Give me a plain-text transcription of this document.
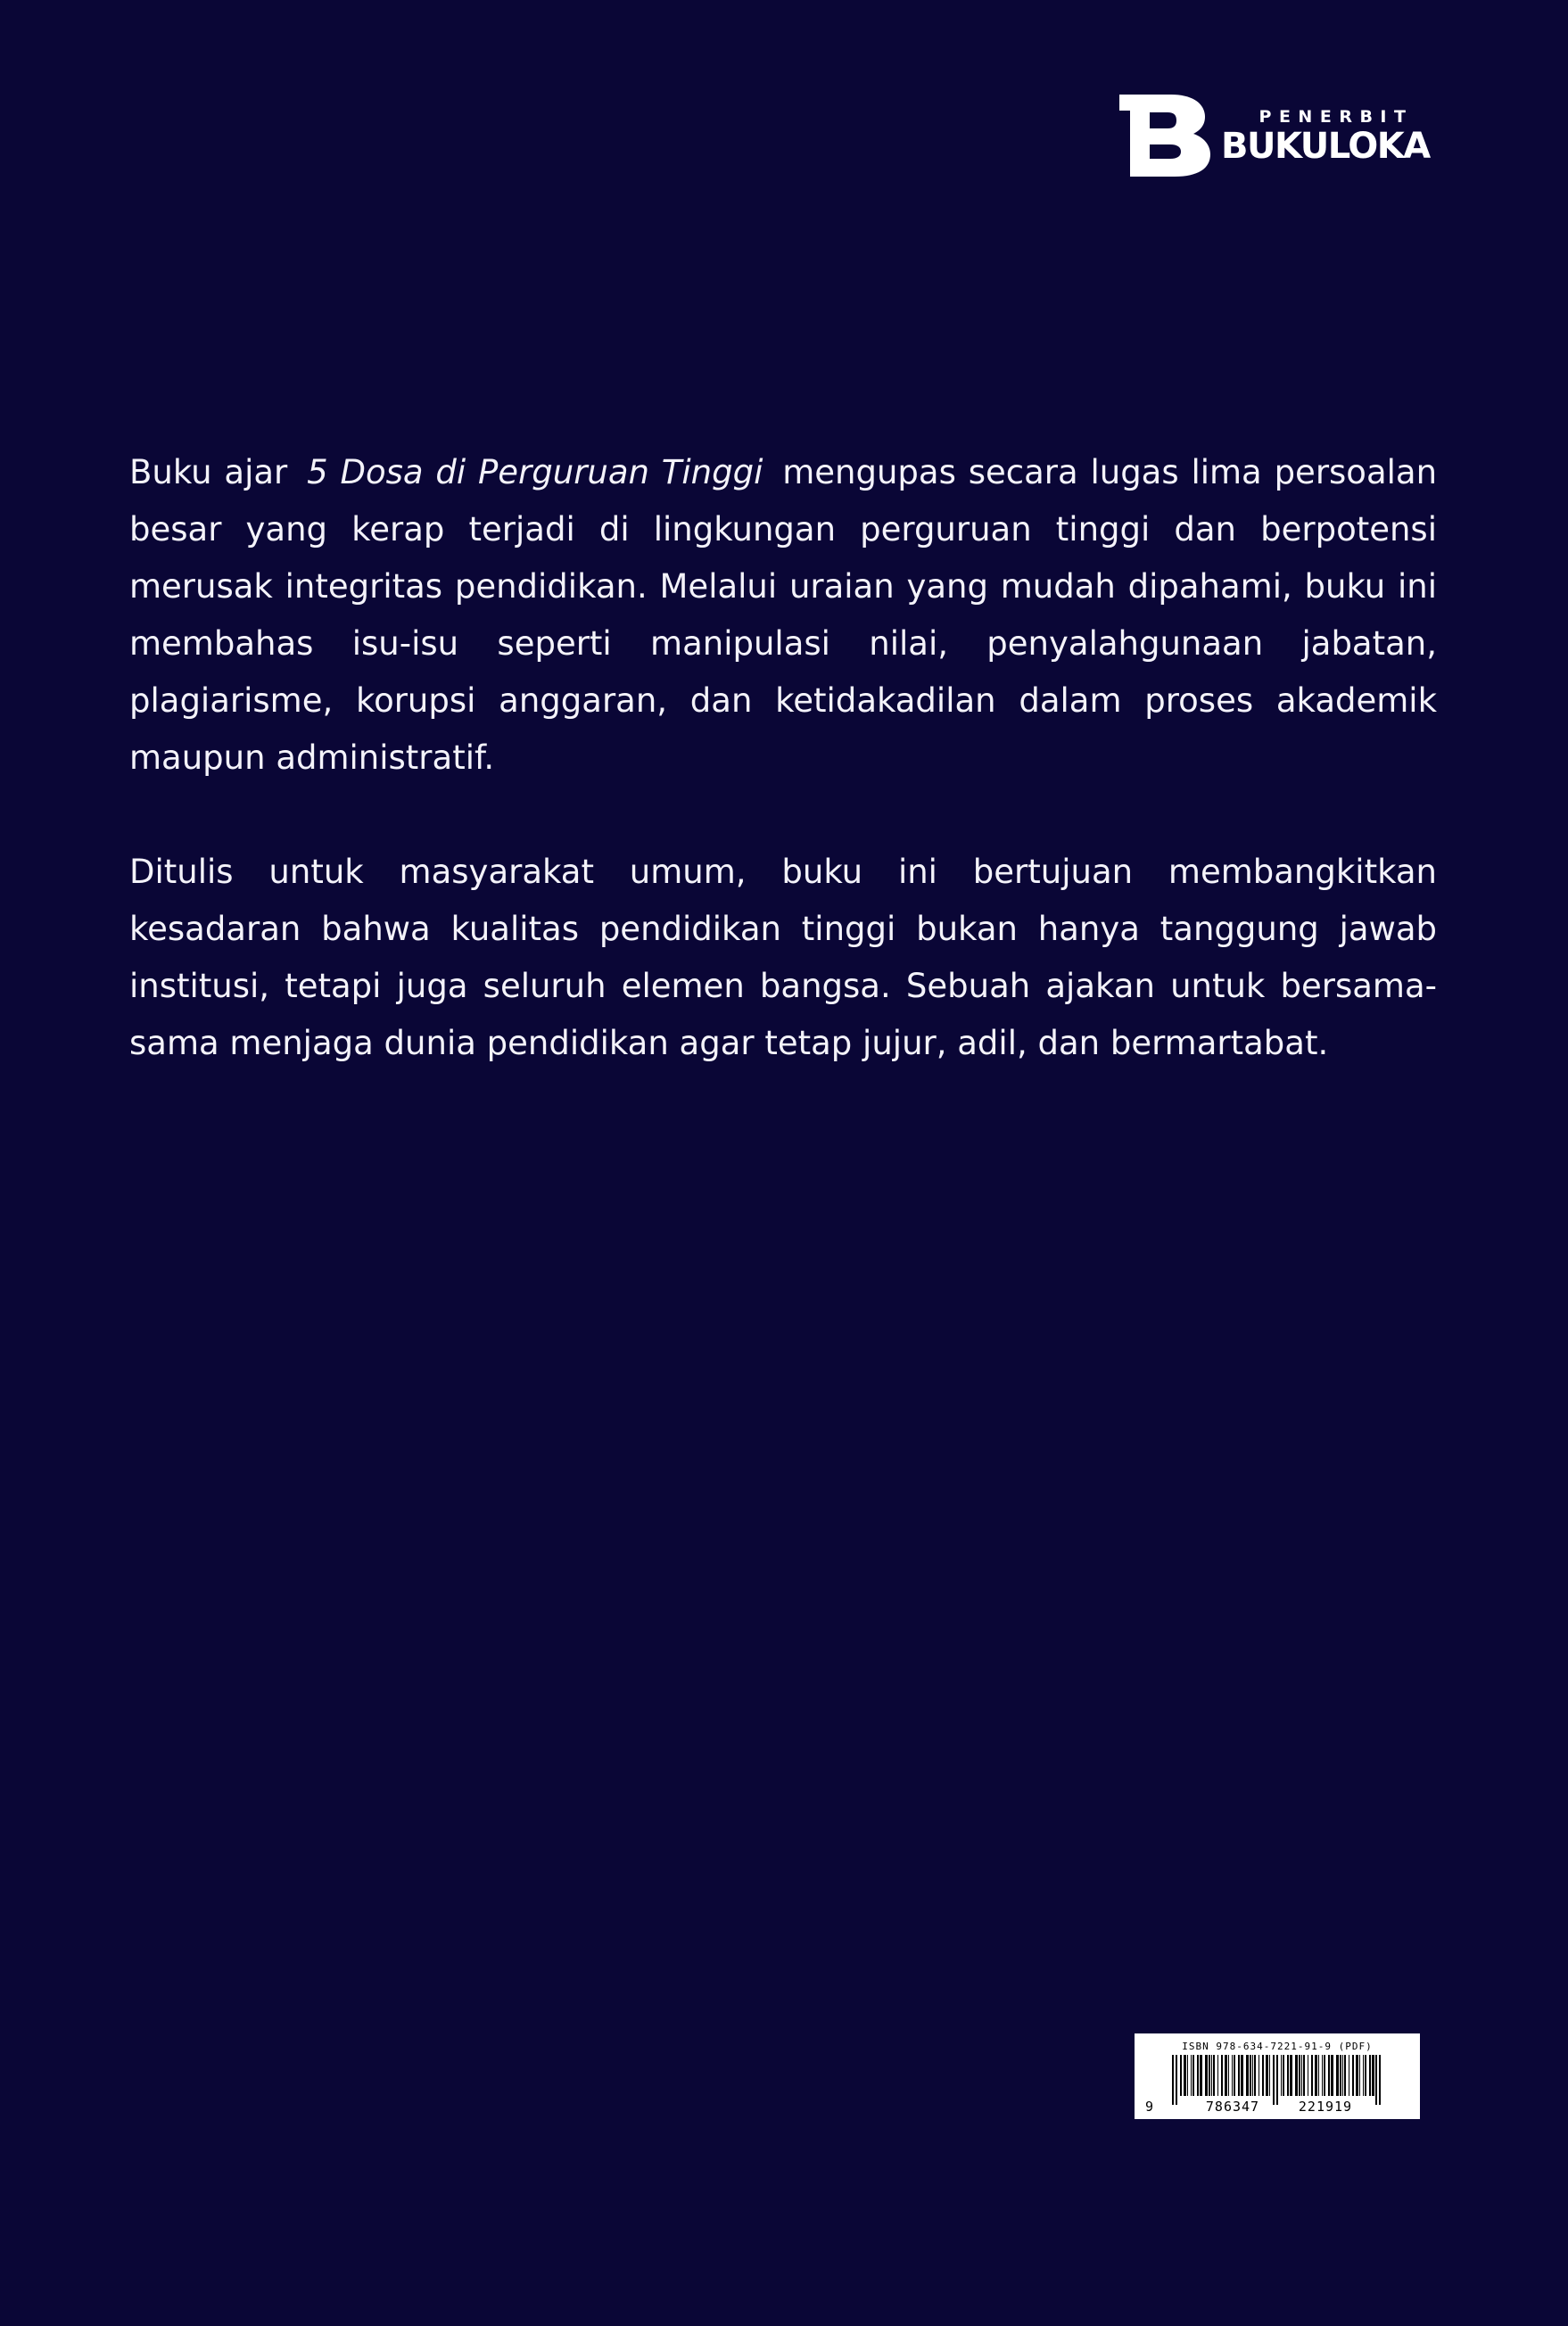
PENERBIT
BUKULOKA

Buku ajar 5 Dosa di Perguruan Tinggi mengupas secara lugas lima persoalan besar yang kerap terjadi di lingkungan perguruan tinggi dan berpotensi merusak integritas pendidikan. Melalui uraian yang mudah dipahami, buku ini membahas isu-isu seperti manipulasi nilai, penyalahgunaan jabatan, plagiarisme, korupsi anggaran, dan ketidakadilan dalam proses akademik maupun administratif.

Ditulis untuk masyarakat umum, buku ini bertujuan membangkitkan kesadaran bahwa kualitas pendidikan tinggi bukan hanya tanggung jawab institusi, tetapi juga seluruh elemen bangsa. Sebuah ajakan untuk bersama-sama menjaga dunia pendidikan agar tetap jujur, adil, dan bermartabat.

ISBN 978-634-7221-91-9 (PDF)
9	786347	221919
